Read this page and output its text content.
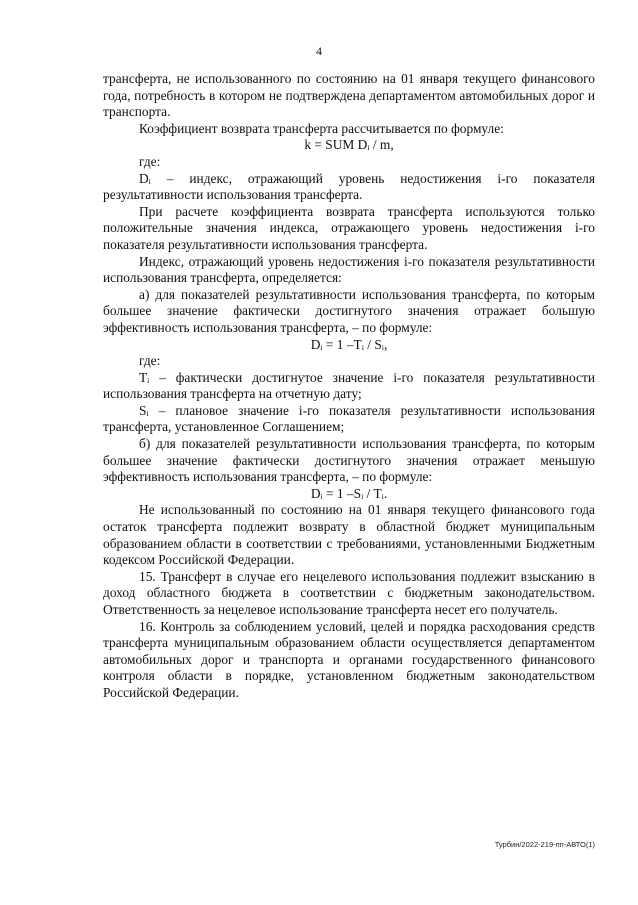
4

трансферта, не использованного по состоянию на 01 января текущего финансового года, потребность в котором не подтверждена департаментом автомобильных дорог и транспорта.

Коэффициент возврата трансферта рассчитывается по формуле:

k = SUM Dᵢ / m,

где:

Dᵢ – индекс, отражающий уровень недостижения i-го показателя результативности использования трансферта.

При расчете коэффициента возврата трансферта используются только положительные значения индекса, отражающего уровень недостижения i-го показателя результативности использования трансферта.

Индекс, отражающий уровень недостижения i-го показателя результативности использования трансферта, определяется:

а) для показателей результативности использования трансферта, по которым большее значение фактически достигнутого значения отражает большую эффективность использования трансферта, – по формуле:

Dᵢ = 1 –Tᵢ / Sᵢ,

где:

Tᵢ – фактически достигнутое значение i-го показателя результативности использования трансферта на отчетную дату;

Sᵢ – плановое значение i-го показателя результативности использования трансферта, установленное Соглашением;

б) для показателей результативности использования трансферта, по которым большее значение фактически достигнутого значения отражает меньшую эффективность использования трансферта, – по формуле:

Dᵢ = 1 –Sᵢ / Tᵢ.

Не использованный по состоянию на 01 января текущего финансового года остаток трансферта подлежит возврату в областной бюджет муниципальным образованием области в соответствии с требованиями, установленными Бюджетным кодексом Российской Федерации.

15. Трансферт в случае его нецелевого использования подлежит взысканию в доход областного бюджета в соответствии с бюджетным законодательством. Ответственность за нецелевое использование трансферта несет его получатель.

16. Контроль за соблюдением условий, целей и порядка расходования средств трансферта муниципальным образованием области осуществляется департаментом автомобильных дорог и транспорта и органами государственного финансового контроля области в порядке, установленном бюджетным законодательством Российской Федерации.

Турбин/2022-219-пп-АВТО(1)
